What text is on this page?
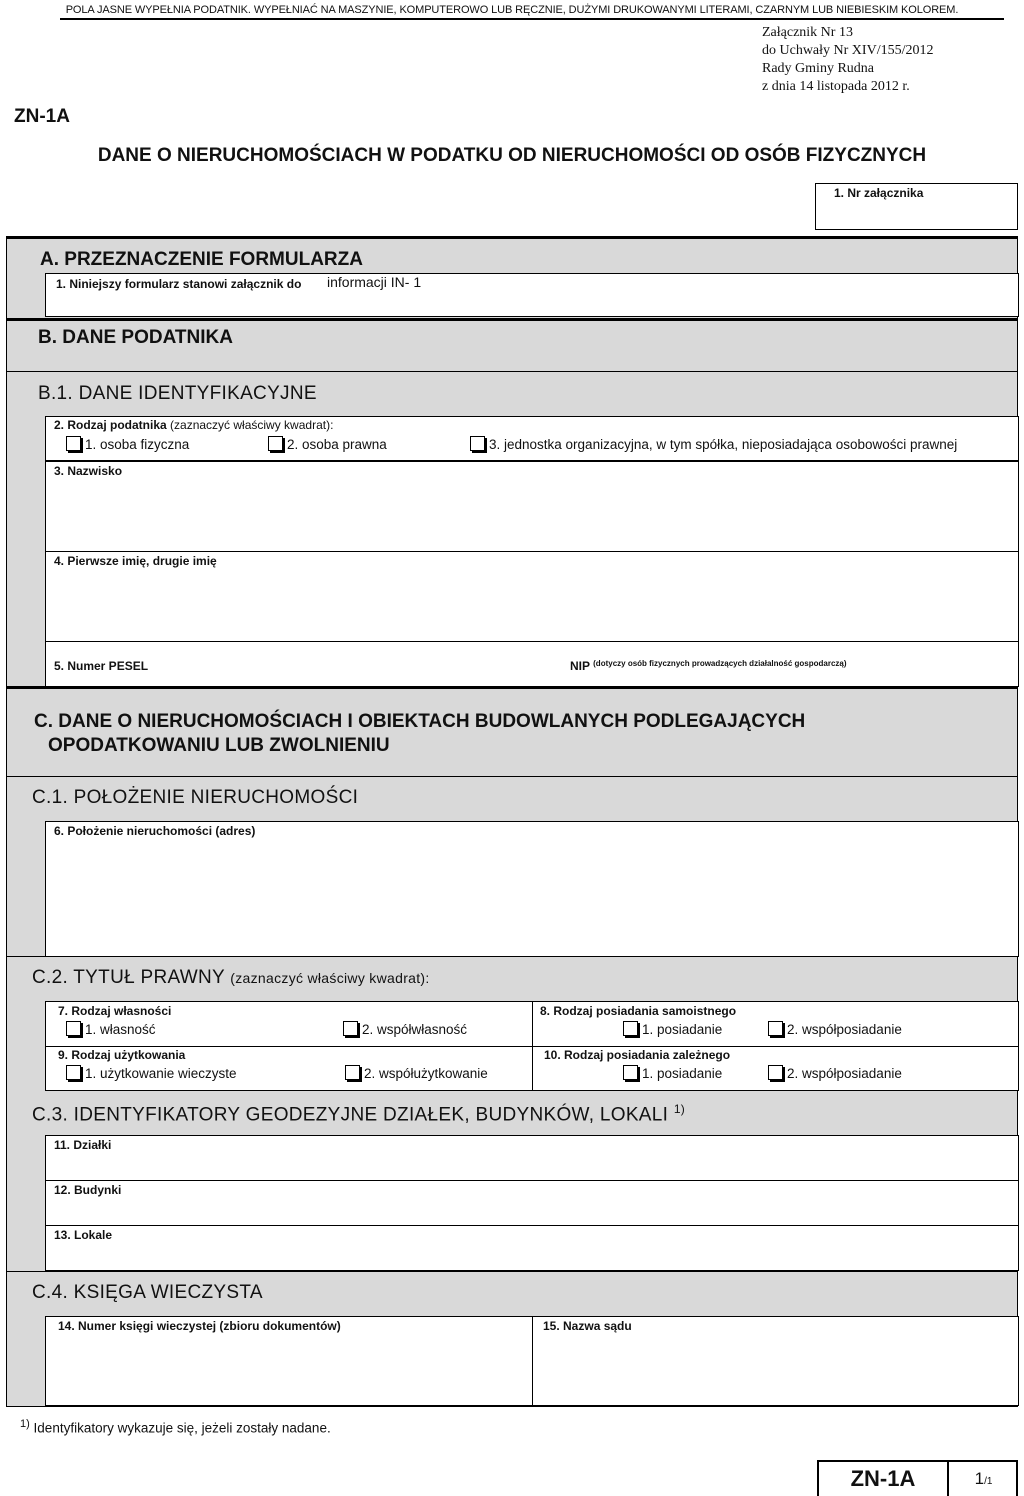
POLA JASNE WYPEŁNIA PODATNIK. WYPEŁNIAĆ NA MASZYNIE, KOMPUTEROWO LUB RĘCZNIE, DUŻYMI DRUKOWANYMI LITERAMI, CZARNYM LUB NIEBIESKIM KOLOREM.
Załącznik Nr 13
do Uchwały Nr XIV/155/2012
Rady Gminy Rudna
z dnia 14 listopada 2012 r.
ZN-1A
DANE O NIERUCHOMOŚCIACH W PODATKU OD NIERUCHOMOŚCI OD OSÓB FIZYCZNYCH
1. Nr załącznika
A. PRZEZNACZENIE FORMULARZA
1. Niniejszy formularz stanowi załącznik do informacji IN- 1
B. DANE PODATNIKA
B.1. DANE IDENTYFIKACYJNE
2. Rodzaj podatnika (zaznaczyć właściwy kwadrat):
1. osoba fizyczna	2. osoba prawna	3. jednostka organizacyjna, w tym spółka, nieposiadająca osobowości prawnej
3. Nazwisko
4. Pierwsze imię, drugie imię
5. Numer PESEL	NIP $^{(dotyczy osób fizycznych prowadzących działalność gospodarczą)}$
C. DANE O NIERUCHOMOŚCIACH I OBIEKTACH BUDOWLANYCH PODLEGAJĄCYCH
OPODATKOWANIU LUB ZWOLNIENIU
C.1. POŁOŻENIE NIERUCHOMOŚCI
6. Położenie nieruchomości (adres)
C.2. TYTUŁ PRAWNY (zaznaczyć właściwy kwadrat):
7. Rodzaj własności
1. własność	2. współwłasność
8. Rodzaj posiadania samoistnego
1. posiadanie	2. współposiadanie
9. Rodzaj użytkowania
1. użytkowanie wieczyste	2. współużytkowanie
10. Rodzaj posiadania zależnego
1. posiadanie	2. współposiadanie
C.3. IDENTYFIKATORY GEODEZYJNE DZIAŁEK, BUDYNKÓW, LOKALI $^{1)}$
11. Działki
12. Budynki
13. Lokale
C.4. KSIĘGA WIECZYSTA
14. Numer księgi wieczystej (zbioru dokumentów)	15. Nazwa sądu
$^{1)}$ Identyfikatory wykazuje się, jeżeli zostały nadane.
ZN-1A	1/1
